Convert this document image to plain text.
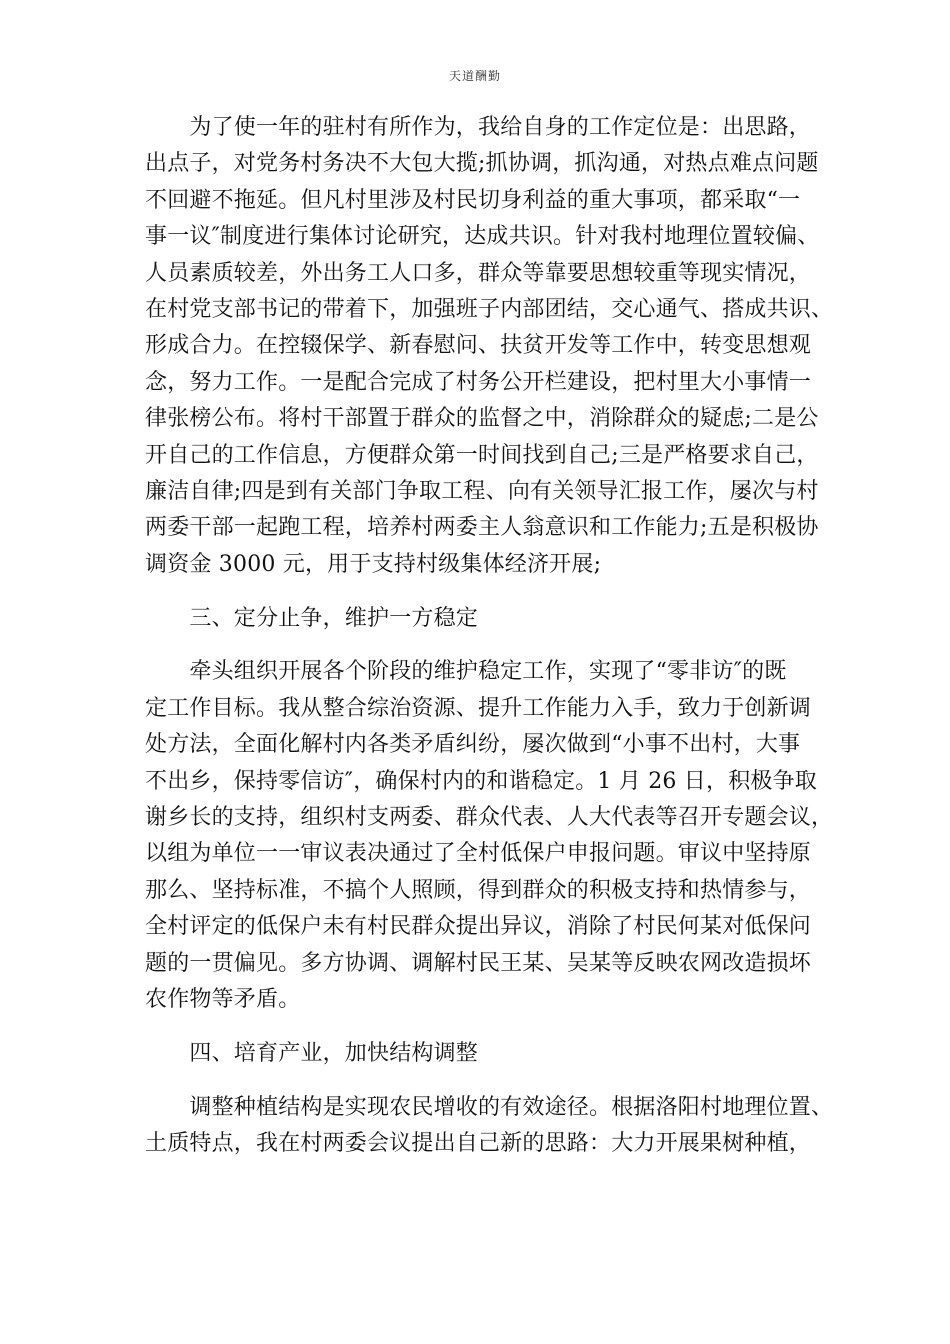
天道酬勤
　　为了使一年的驻村有所作为，我给自身的工作定位是：出思路，
出点子，对党务村务决不大包大揽;抓协调，抓沟通，对热点难点问题
不回避不拖延。但凡村里涉及村民切身利益的重大事项，都采取“一
事一议″制度进行集体讨论研究，达成共识。针对我村地理位置较偏、
人员素质较差，外出务工人口多，群众等靠要思想较重等现实情况，
在村党支部书记的带着下，加强班子内部团结，交心通气、搭成共识、
形成合力。在控辍保学、新春慰问、扶贫开发等工作中，转变思想观
念，努力工作。一是配合完成了村务公开栏建设，把村里大小事情一
律张榜公布。将村干部置于群众的监督之中，消除群众的疑虑;二是公
开自己的工作信息，方便群众第一时间找到自己;三是严格要求自己，
廉洁自律;四是到有关部门争取工程、向有关领导汇报工作，屡次与村
两委干部一起跑工程，培养村两委主人翁意识和工作能力;五是积极协
调资金 3000 元，用于支持村级集体经济开展;
　　三、定分止争，维护一方稳定
　　牵头组织开展各个阶段的维护稳定工作，实现了“零非访″的既
定工作目标。我从整合综治资源、提升工作能力入手，致力于创新调
处方法，全面化解村内各类矛盾纠纷，屡次做到“小事不出村，大事
不出乡，保持零信访″，确保村内的和谐稳定。1 月 26 日，积极争取
谢乡长的支持，组织村支两委、群众代表、人大代表等召开专题会议，
以组为单位一一审议表决通过了全村低保户申报问题。审议中坚持原
那么、坚持标准，不搞个人照顾，得到群众的积极支持和热情参与，
全村评定的低保户未有村民群众提出异议，消除了村民何某对低保问
题的一贯偏见。多方协调、调解村民王某、吴某等反映农网改造损坏
农作物等矛盾。
　　四、培育产业，加快结构调整
　　调整种植结构是实现农民增收的有效途径。根据洛阳村地理位置、
土质特点，我在村两委会议提出自己新的思路：大力开展果树种植，
